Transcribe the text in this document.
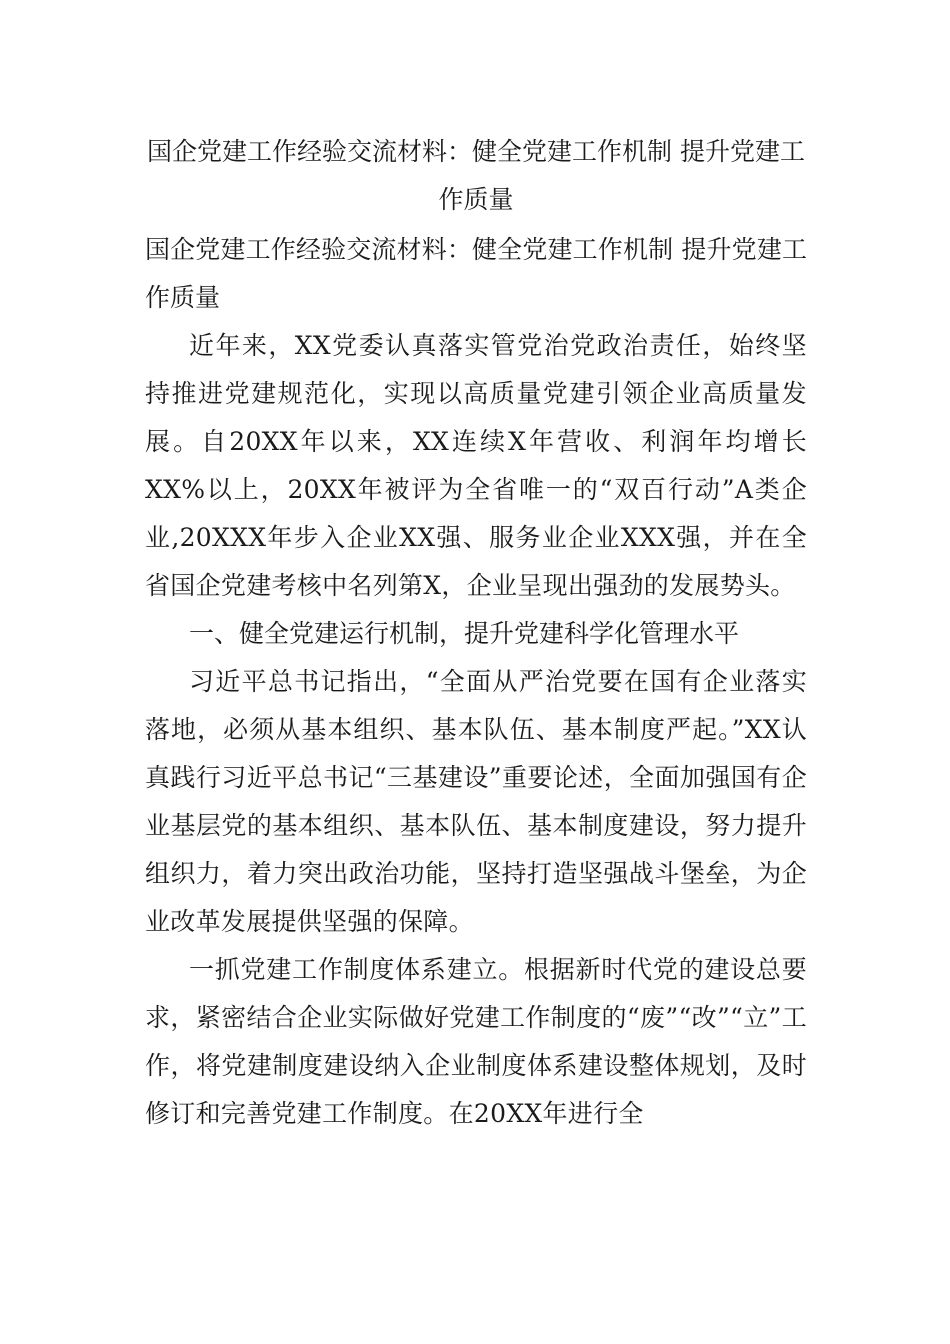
国企党建工作经验交流材料：健全党建工作机制 提升党建工作质量

国企党建工作经验交流材料：健全党建工作机制 提升党建工作质量

近年来，XX党委认真落实管党治党政治责任，始终坚持推进党建规范化，实现以高质量党建引领企业高质量发展。自20XX年以来，XX连续X年营收、利润年均增长XX%以上，20XX年被评为全省唯一的“双百行动”A类企业,20XXX年步入企业XX强、服务业企业XXX强，并在全省国企党建考核中名列第X，企业呈现出强劲的发展势头。

一、健全党建运行机制，提升党建科学化管理水平

习近平总书记指出，“全面从严治党要在国有企业落实落地，必须从基本组织、基本队伍、基本制度严起。”XX认真践行习近平总书记“三基建设”重要论述，全面加强国有企业基层党的基本组织、基本队伍、基本制度建设，努力提升组织力，着力突出政治功能，坚持打造坚强战斗堡垒，为企业改革发展提供坚强的保障。

一抓党建工作制度体系建立。根据新时代党的建设总要求，紧密结合企业实际做好党建工作制度的“废”“改”“立”工作，将党建制度建设纳入企业制度体系建设整体规划，及时修订和完善党建工作制度。在20XX年进行全
